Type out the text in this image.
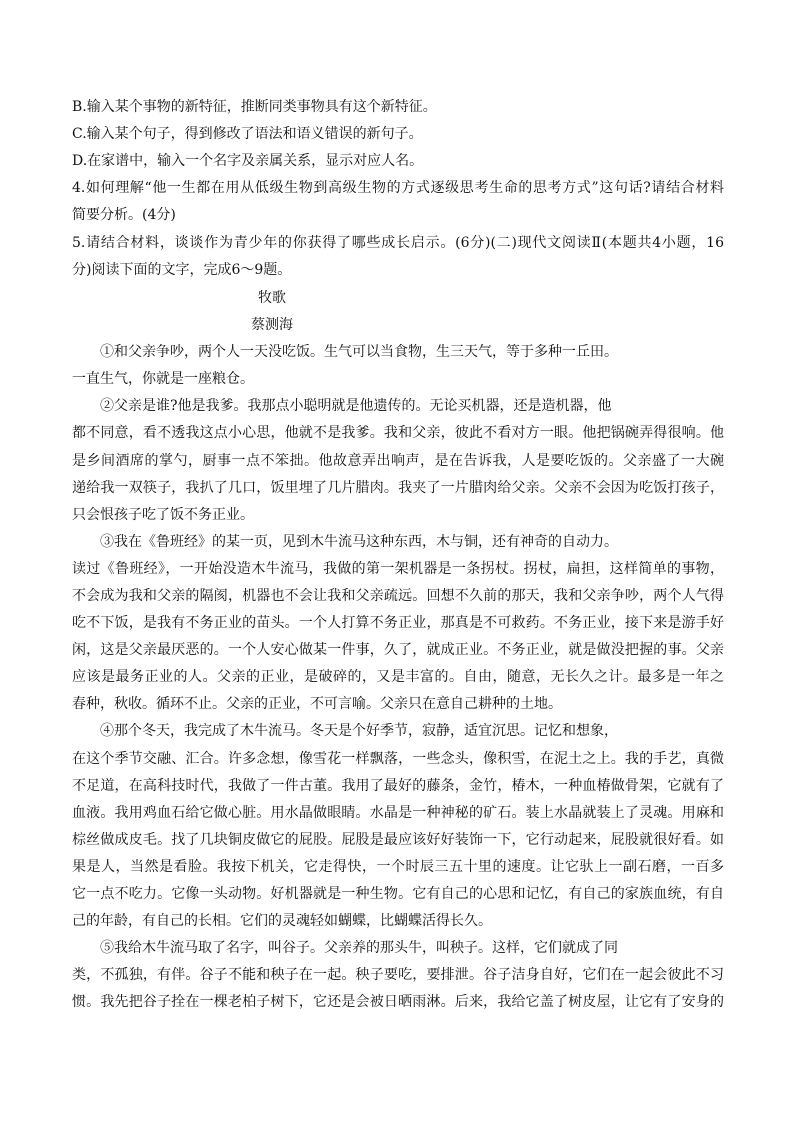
B.输入某个事物的新特征，推断同类事物具有这个新特征。
C.输入某个句子，得到修改了语法和语义错误的新句子。
D.在家谱中，输入一个名字及亲属关系，显示对应人名。
4.如何理解“他一生都在用从低级生物到高级生物的方式逐级思考生命的思考方式”这句话?请结合材料
简要分析。(4分)
5.请结合材料，谈谈作为青少年的你获得了哪些成长启示。(6分)(二)现代文阅读Ⅱ(本题共4小题，16
分)阅读下面的文字，完成6～9题。
牧歌
蔡测海
①和父亲争吵，两个人一天没吃饭。生气可以当食物，生三天气，等于多种一丘田。
一直生气，你就是一座粮仓。
②父亲是谁?他是我爹。我那点小聪明就是他遗传的。无论买机器，还是造机器，他
都不同意，看不透我这点小心思，他就不是我爹。我和父亲，彼此不看对方一眼。他把锅碗弄得很响。他
是乡间酒席的掌勺，厨事一点不笨拙。他故意弄出响声，是在告诉我，人是要吃饭的。父亲盛了一大碗
递给我一双筷子，我扒了几口，饭里埋了几片腊肉。我夹了一片腊肉给父亲。父亲不会因为吃饭打孩子，
只会恨孩子吃了饭不务正业。
③我在《鲁班经》的某一页，见到木牛流马这种东西，木与铜，还有神奇的自动力。
读过《鲁班经》，一开始没造木牛流马，我做的第一架机器是一条拐杖。拐杖，扁担，这样简单的事物，
不会成为我和父亲的隔阂，机器也不会让我和父亲疏远。回想不久前的那天，我和父亲争吵，两个人气得
吃不下饭，是我有不务正业的苗头。一个人打算不务正业，那真是不可救药。不务正业，接下来是游手好
闲，这是父亲最厌恶的。一个人安心做某一件事，久了，就成正业。不务正业，就是做没把握的事。父亲
应该是最务正业的人。父亲的正业，是破碎的，又是丰富的。自由，随意，无长久之计。最多是一年之
春种，秋收。循环不止。父亲的正业，不可言喻。父亲只在意自己耕种的土地。
④那个冬天，我完成了木牛流马。冬天是个好季节，寂静，适宜沉思。记忆和想象，
在这个季节交融、汇合。许多念想，像雪花一样飘落，一些念头，像积雪，在泥土之上。我的手艺，真微
不足道，在高科技时代，我做了一件古董。我用了最好的藤条，金竹，椿木，一种血椿做骨架，它就有了
血液。我用鸡血石给它做心脏。用水晶做眼睛。水晶是一种神秘的矿石。装上水晶就装上了灵魂。用麻和
棕丝做成皮毛。找了几块铜皮做它的屁股。屁股是最应该好好装饰一下，它行动起来，屁股就很好看。如
果是人，当然是看脸。我按下机关，它走得快，一个时辰三五十里的速度。让它驮上一副石磨，一百多
它一点不吃力。它像一头动物。好机器就是一种生物。它有自己的心思和记忆，有自己的家族血统，有自
己的年龄，有自己的长相。它们的灵魂轻如蝴蝶，比蝴蝶活得长久。
⑤我给木牛流马取了名字，叫谷子。父亲养的那头牛，叫秧子。这样，它们就成了同
类，不孤独，有伴。谷子不能和秧子在一起。秧子要吃，要排泄。谷子洁身自好，它们在一起会彼此不习
惯。我先把谷子拴在一棵老柏子树下，它还是会被日晒雨淋。后来，我给它盖了树皮屋，让它有了安身的
